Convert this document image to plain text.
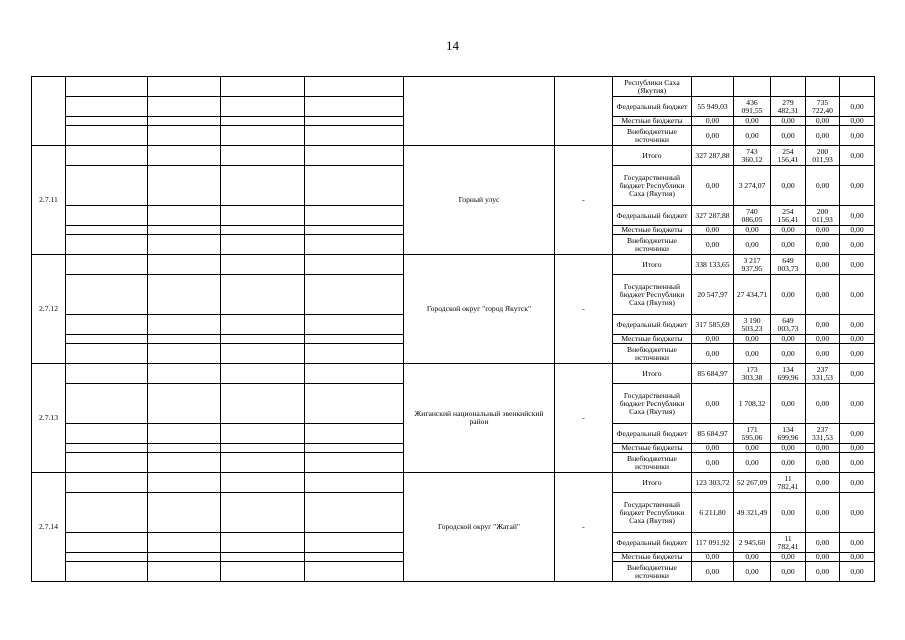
14
							Республики Саха (Якутия)					
							Федеральный бюджет	55 949,03	436 091,55	279 482,31	735 722,40	0,00
							Местные бюджеты	0,00	0,00	0,00	0,00	0,00
							Внебюджетные источники	0,00	0,00	0,00	0,00	0,00
2.7.11					Горный улус	-	Итого	327 287,88	743 360,12	254 156,41	200 011,93	0,00
							Государственный бюджет Республики Саха (Якутия)	0,00	3 274,07	0,00	0,00	0,00
							Федеральный бюджет	327 287,88	740 086,05	254 156,41	200 011,93	0,00
							Местные бюджеты	0,00	0,00	0,00	0,00	0,00
							Внебюджетные источники	0,00	0,00	0,00	0,00	0,00
2.7.12					Городской округ "город Якутск"	-	Итого	338 133,65	3 217 937,95	649 003,73	0,00	0,00
							Государственный бюджет Республики Саха (Якутия)	20 547,97	27 434,71	0,00	0,00	0,00
							Федеральный бюджет	317 585,69	3 190 503,23	649 003,73	0,00	0,00
							Местные бюджеты	0,00	0,00	0,00	0,00	0,00
							Внебюджетные источники	0,00	0,00	0,00	0,00	0,00
2.7.13					Жиганский национальный эвенкийский район	-	Итого	85 684,97	173 303,38	134 699,96	237 331,53	0,00
							Государственный бюджет Республики Саха (Якутия)	0,00	1 708,32	0,00	0,00	0,00
							Федеральный бюджет	85 684,97	171 595,06	134 699,96	237 331,53	0,00
							Местные бюджеты	0,00	0,00	0,00	0,00	0,00
							Внебюджетные источники	0,00	0,00	0,00	0,00	0,00
2.7.14					Городской округ "Жатай"	-	Итого	123 303,72	52 267,09	11 782,41	0,00	0,00
							Государственный бюджет Республики Саха (Якутия)	6 211,80	49 321,49	0,00	0,00	0,00
							Федеральный бюджет	117 091,92	2 945,60	11 782,41	0,00	0,00
							Местные бюджеты	0,00	0,00	0,00	0,00	0,00
							Внебюджетные источники	0,00	0,00	0,00	0,00	0,00
